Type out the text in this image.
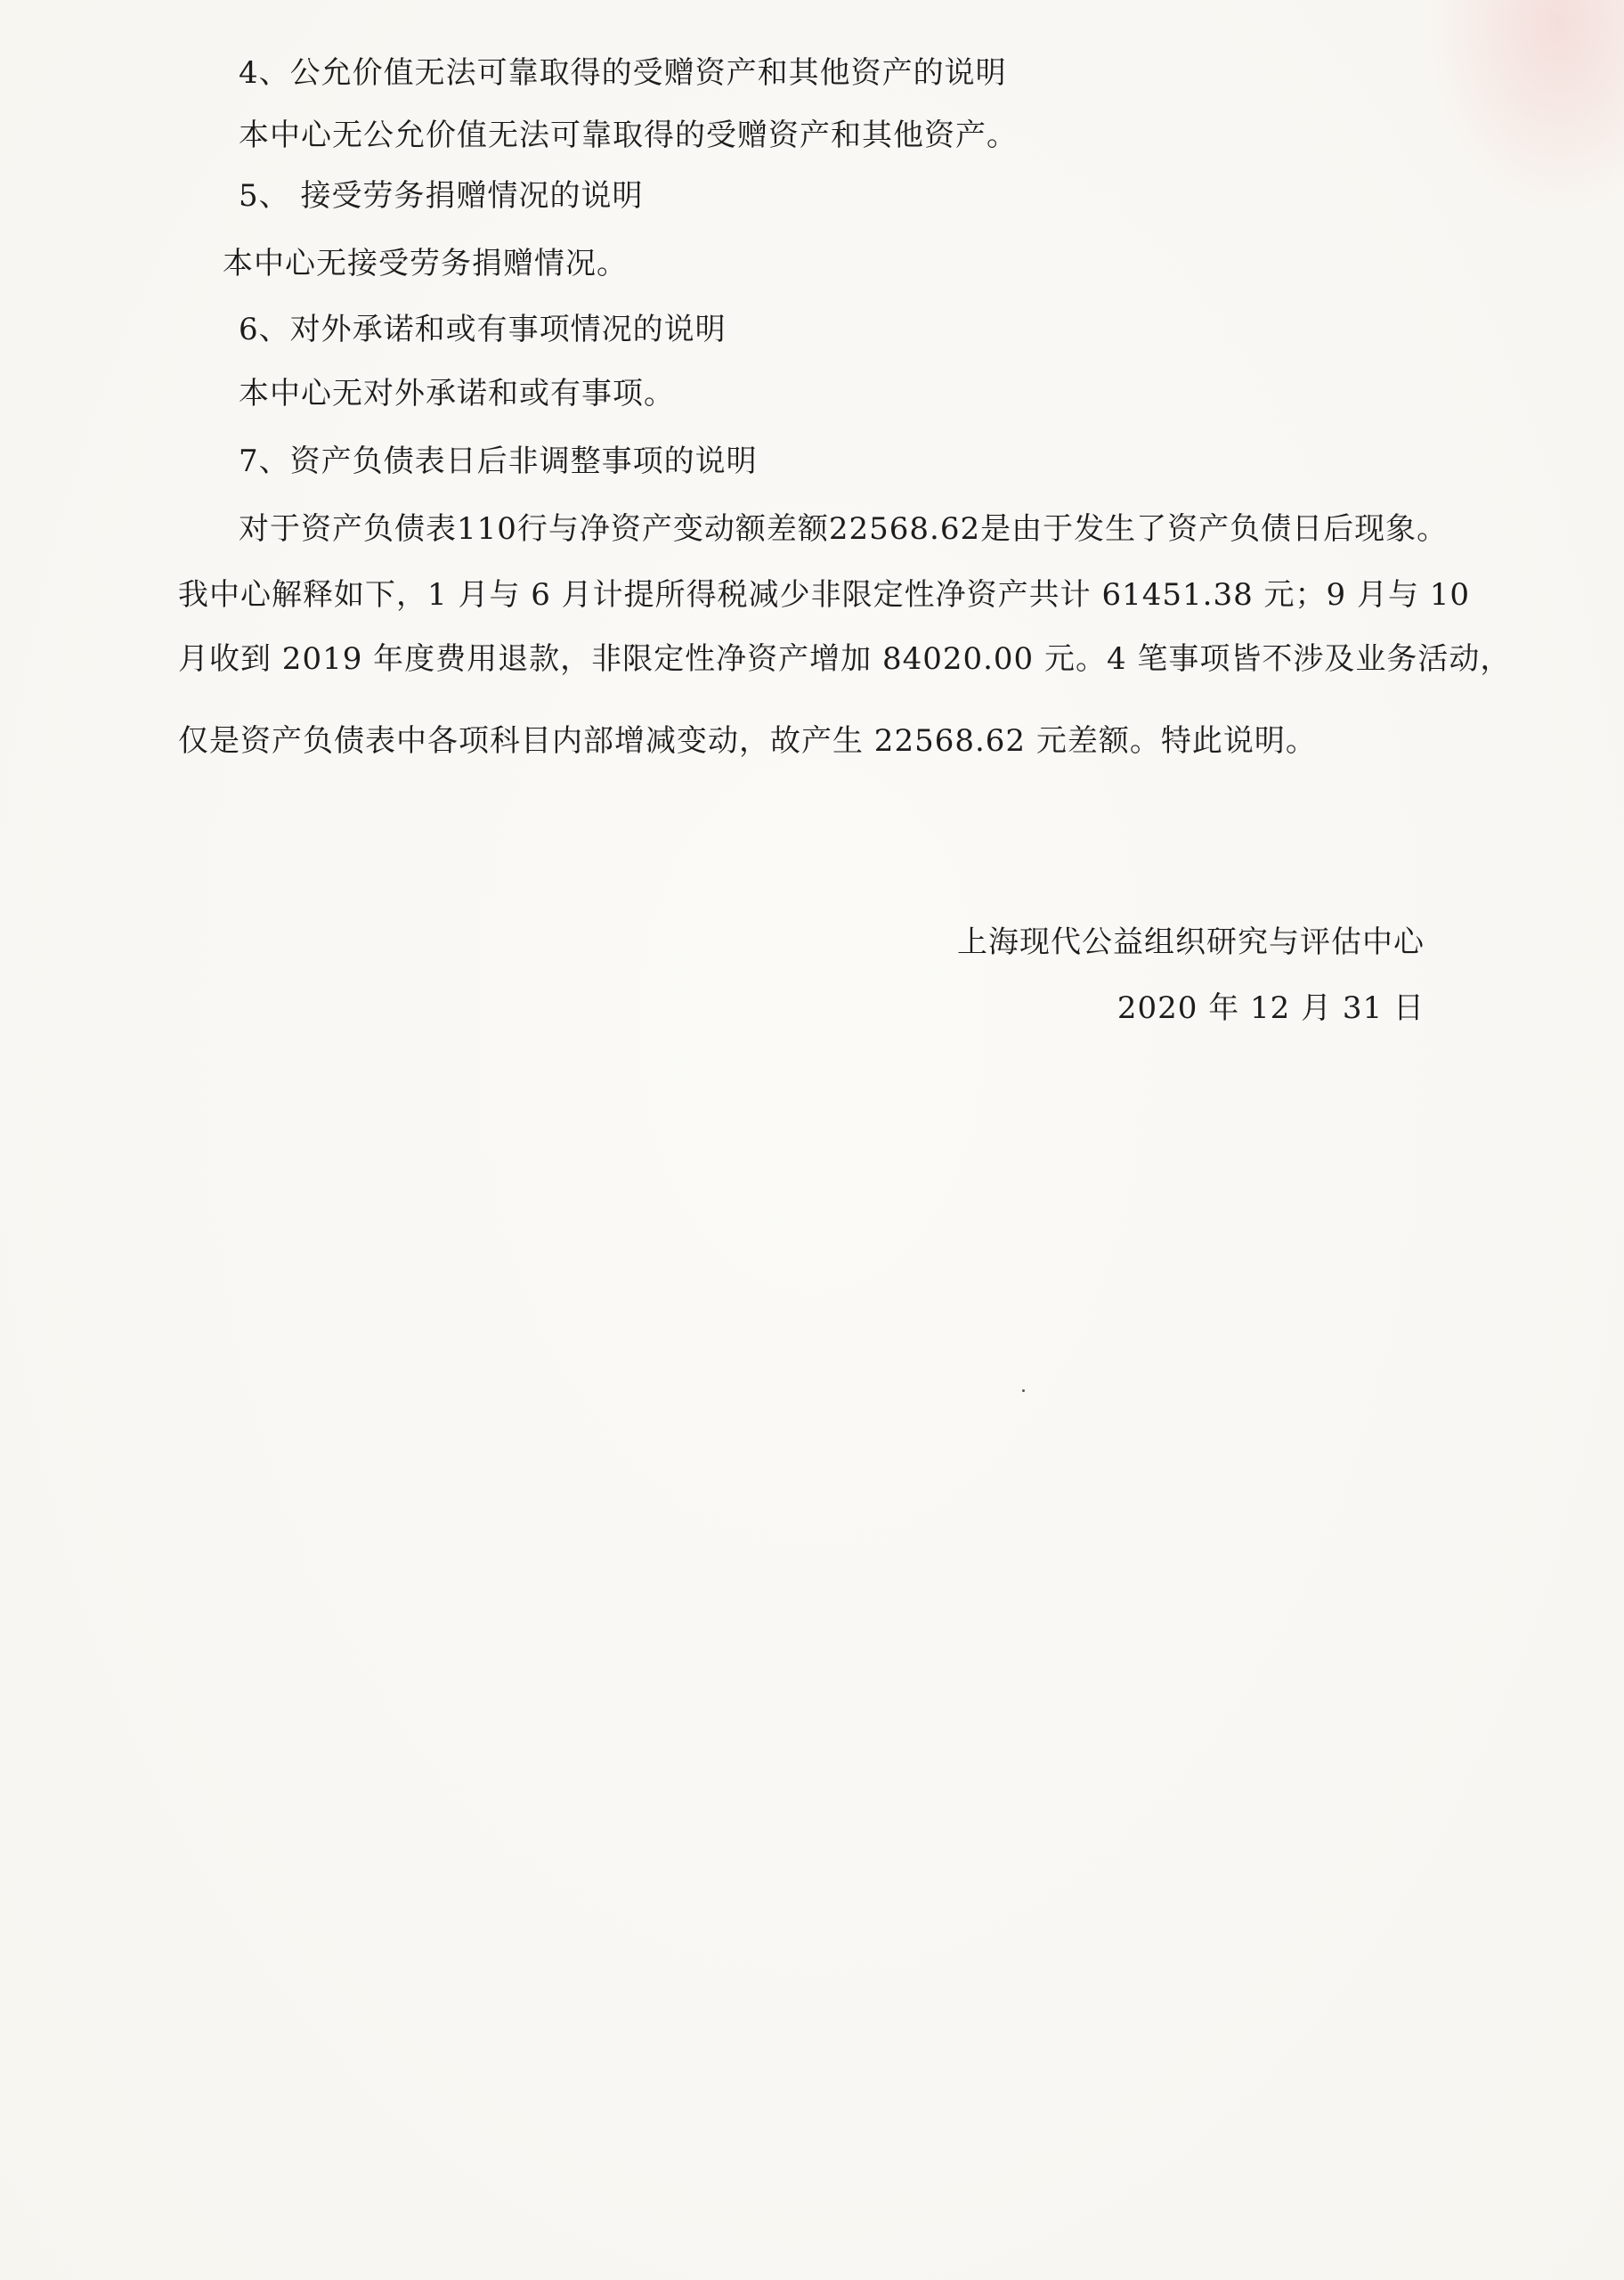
4、公允价值无法可靠取得的受赠资产和其他资产的说明
本中心无公允价值无法可靠取得的受赠资产和其他资产。
5、 接受劳务捐赠情况的说明
本中心无接受劳务捐赠情况。
6、对外承诺和或有事项情况的说明
本中心无对外承诺和或有事项。
7、资产负债表日后非调整事项的说明
对于资产负债表110行与净资产变动额差额22568.62是由于发生了资产负债日后现象。
我中心解释如下，1 月与 6 月计提所得税减少非限定性净资产共计 61451.38 元；9 月与 10
月收到 2019 年度费用退款，非限定性净资产增加 84020.00 元。4 笔事项皆不涉及业务活动，
仅是资产负债表中各项科目内部增减变动，故产生 22568.62 元差额。特此说明。
上海现代公益组织研究与评估中心
2020 年 12 月 31 日
